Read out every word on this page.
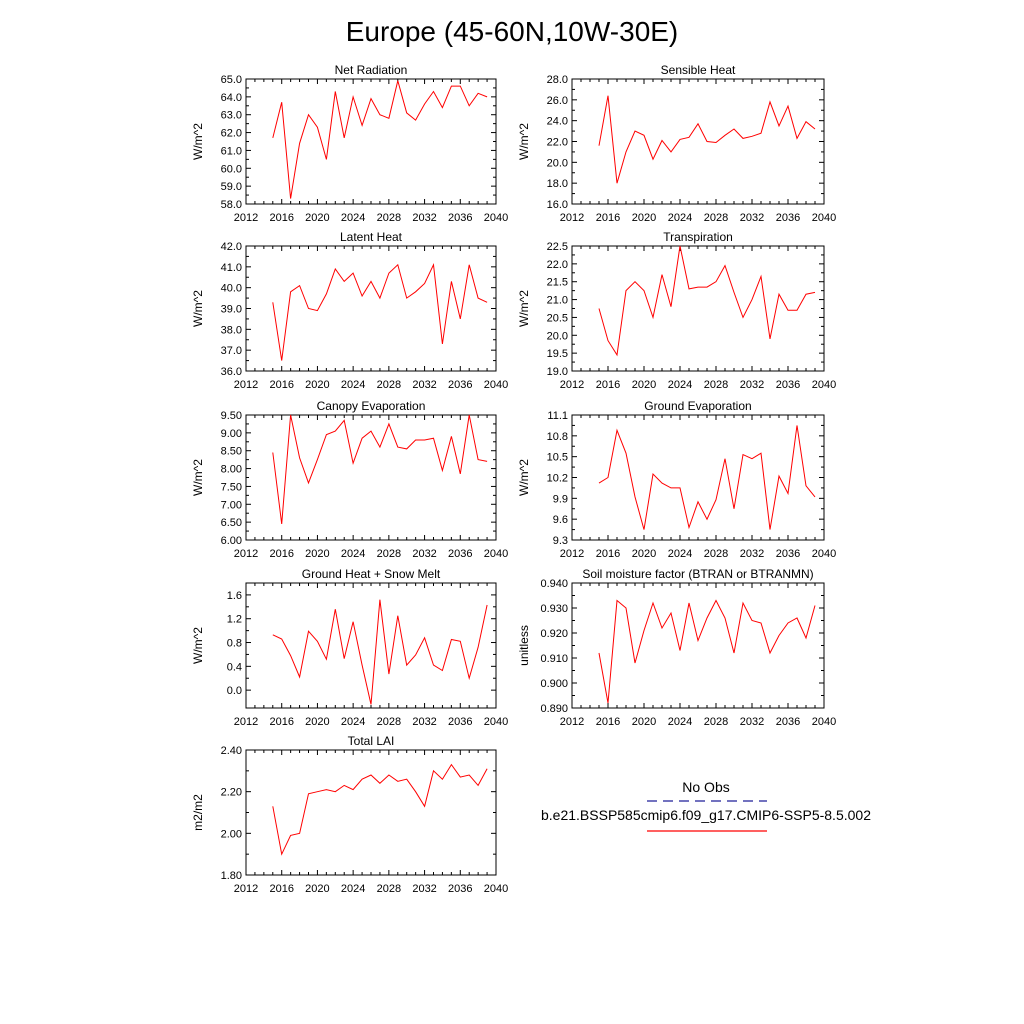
Europe (45-60N,10W-30E)
Net Radiation
2012 2016 2020 2024 2028 2032 2036 2040
58.0
59.0
60.0
61.0
62.0
63.0
64.0
65.0
W/m^2
Sensible Heat
2012 2016 2020 2024 2028 2032 2036 2040
16.0
18.0
20.0
22.0
24.0
26.0
28.0
W/m^2
Latent Heat
2012 2016 2020 2024 2028 2032 2036 2040
36.0
37.0
38.0
39.0
40.0
41.0
42.0
W/m^2
Transpiration
2012 2016 2020 2024 2028 2032 2036 2040
19.0
19.5
20.0
20.5
21.0
21.5
22.0
22.5
W/m^2
Canopy Evaporation
2012 2016 2020 2024 2028 2032 2036 2040
6.00
6.50
7.00
7.50
8.00
8.50
9.00
9.50
W/m^2
Ground Evaporation
2012 2016 2020 2024 2028 2032 2036 2040
9.3
9.6
9.9
10.2
10.5
10.8
11.1
W/m^2
Ground Heat + Snow Melt
2012 2016 2020 2024 2028 2032 2036 2040
0.0
0.4
0.8
1.2
1.6
W/m^2
Soil moisture factor (BTRAN or BTRANMN)
2012 2016 2020 2024 2028 2032 2036 2040
0.890
0.900
0.910
0.920
0.930
0.940
unitless
Total LAI
2012 2016 2020 2024 2028 2032 2036 2040
1.80
2.00
2.20
2.40
m2/m2
No Obs
b.e21.BSSP585cmip6.f09_g17.CMIP6-SSP5-8.5.002
